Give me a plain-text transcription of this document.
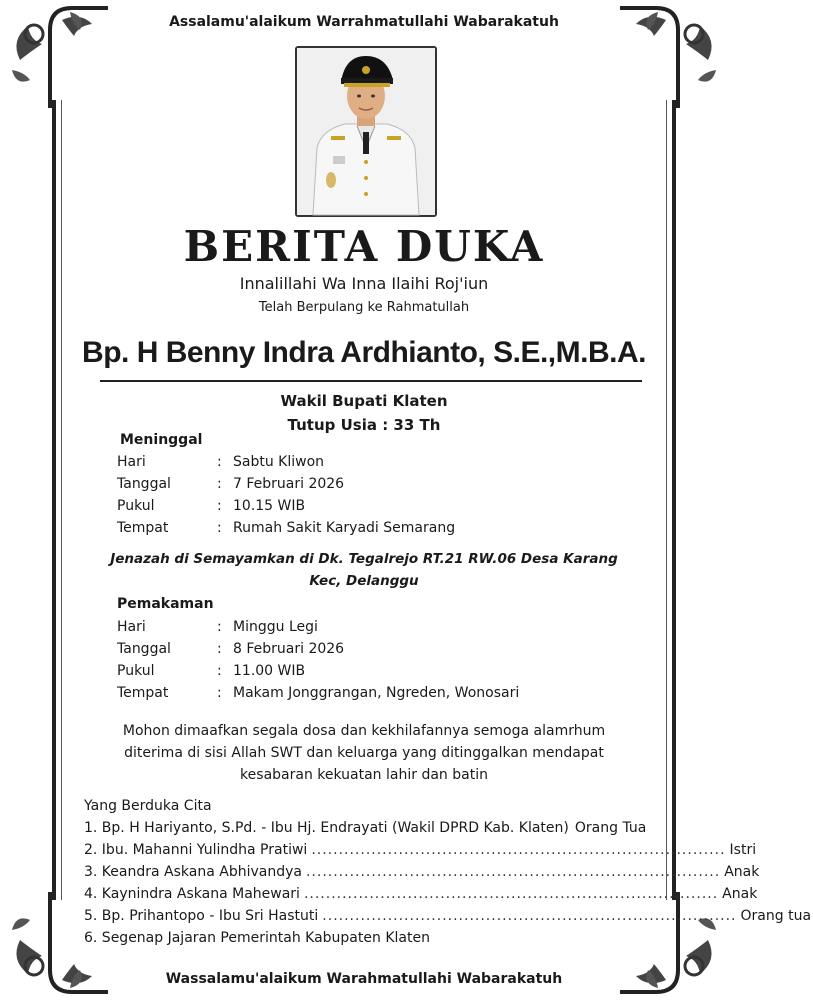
Assalamu'alaikum Warrahmatullahi Wabarakatuh
BERITA DUKA
Innalillahi Wa Inna Ilaihi Roj'iun
Telah Berpulang ke Rahmatullah
Bp. H Benny Indra Ardhianto, S.E.,M.B.A.
Wakil Bupati Klaten
Tutup Usia : 33 Th
Meninggal
Hari	: Sabtu Kliwon
Tanggal	: 7 Februari 2026
Pukul	: 10.15 WIB
Tempat	: Rumah Sakit Karyadi Semarang
Jenazah di Semayamkan di Dk. Tegalrejo RT.21 RW.06 Desa Karang
Kec, Delanggu
Pemakaman
Hari	: Minggu Legi
Tanggal	: 8 Februari 2026
Pukul	: 11.00 WIB
Tempat	: Makam Jonggrangan, Ngreden, Wonosari
Mohon dimaafkan segala dosa dan kekhilafannya semoga alamrhum
diterima di sisi Allah SWT dan keluarga yang ditinggalkan mendapat
kesabaran kekuatan lahir dan batin
Yang Berduka Cita
1. Bp. H Hariyanto, S.Pd. - Ibu Hj. Endrayati (Wakil DPRD Kab. Klaten) Orang Tua
2. Ibu. Mahanni Yulindha Pratiwi ............................................................................ Istri
3. Keandra Askana Abhivandya ............................................................................ Anak
4. Kaynindra Askana Mahewari ............................................................................ Anak
5. Bp. Prihantopo - Ibu Sri Hastuti ............................................................................ Orang tua
6. Segenap Jajaran Pemerintah Kabupaten Klaten
Wassalamu'alaikum Warahmatullahi Wabarakatuh
